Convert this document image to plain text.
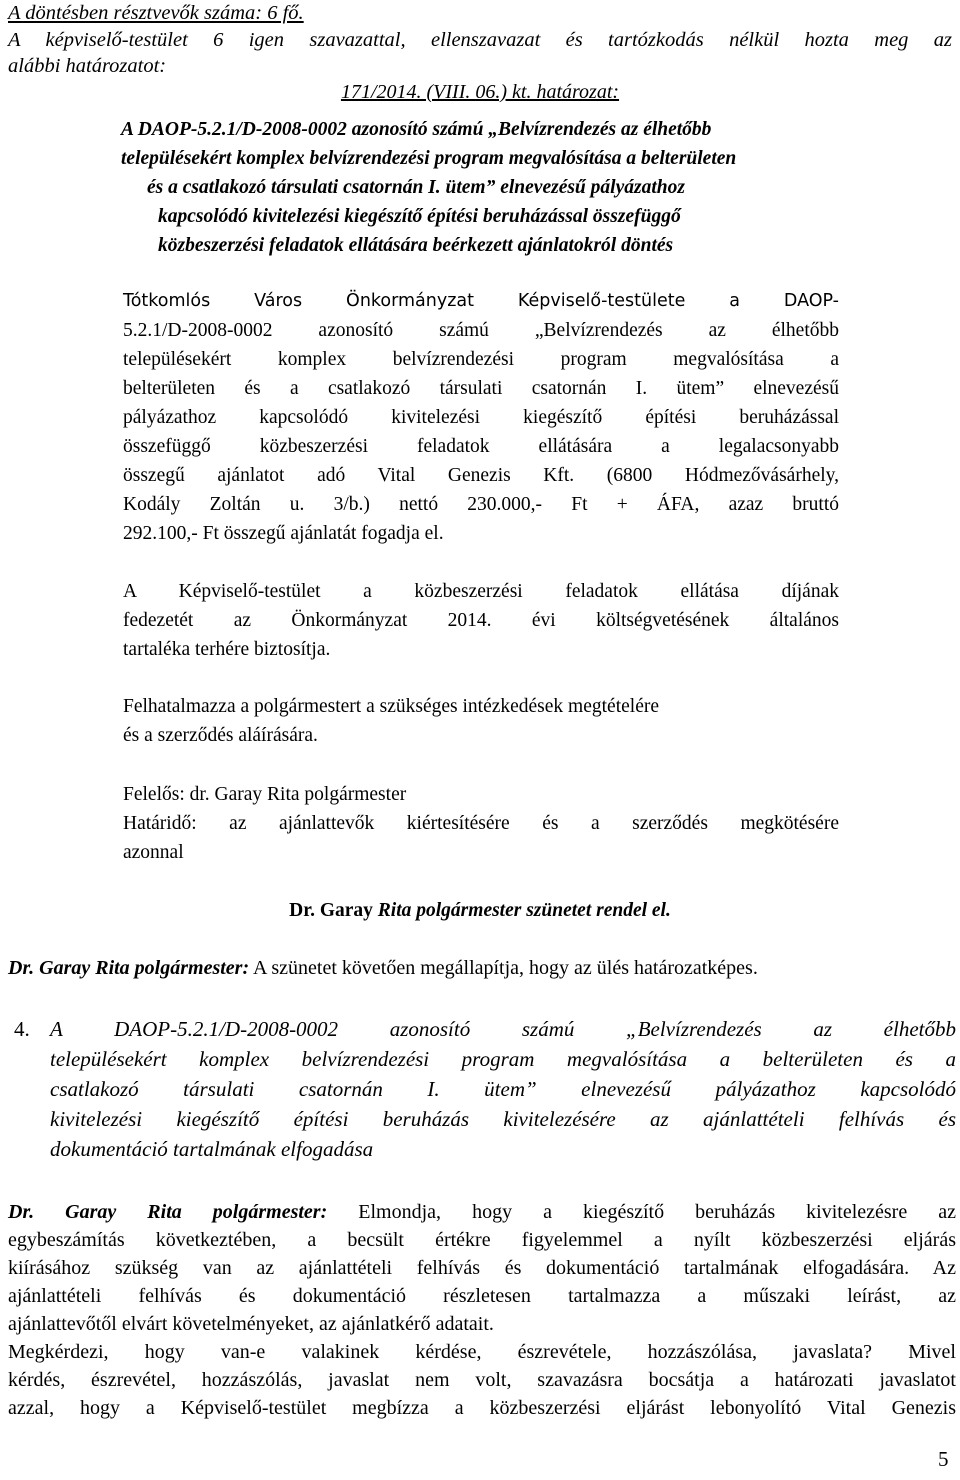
A döntésben résztvevők száma: 6 fő.
A képviselő-testület 6 igen szavazattal, ellenszavazat és tartózkodás nélkül hozta meg az
alábbi határozatot:
171/2014. (VIII. 06.) kt. határozat:
A DAOP-5.2.1/D-2008-0002 azonosító számú „Belvízrendezés az élhetőbb
településekért komplex belvízrendezési program megvalósítása a belterületen
és a csatlakozó társulati csatornán I. ütem” elnevezésű pályázathoz
kapcsolódó kivitelezési kiegészítő építési beruházással összefüggő
közbeszerzési feladatok ellátására beérkezett ajánlatokról döntés
Tótkomlós Város Önkormányzat Képviselő-testülete a DAOP-
5.2.1/D-2008-0002 azonosító számú „Belvízrendezés az élhetőbb
településekért komplex belvízrendezési program megvalósítása a
belterületen és a csatlakozó társulati csatornán I. ütem” elnevezésű
pályázathoz kapcsolódó kivitelezési kiegészítő építési beruházással
összefüggő közbeszerzési feladatok ellátására a legalacsonyabb
összegű ajánlatot adó Vital Genezis Kft. (6800 Hódmezővásárhely,
Kodály Zoltán u. 3/b.) nettó 230.000,- Ft + ÁFA, azaz bruttó
292.100,- Ft összegű ajánlatát fogadja el.
A Képviselő-testület a közbeszerzési feladatok ellátása díjának
fedezetét az Önkormányzat 2014. évi költségvetésének általános
tartaléka terhére biztosítja.
Felhatalmazza a polgármestert a szükséges intézkedések megtételére
és a szerződés aláírására.
Felelős: dr. Garay Rita polgármester
Határidő: az ajánlattevők kiértesítésére és a szerződés megkötésére
azonnal
Dr. Garay Rita polgármester szünetet rendel el.
Dr. Garay Rita polgármester: A szünetet követően megállapítja, hogy az ülés határozatképes.
4. A DAOP-5.2.1/D-2008-0002 azonosító számú „Belvízrendezés az élhetőbb
településekért komplex belvízrendezési program megvalósítása a belterületen és a
csatlakozó társulati csatornán I. ütem” elnevezésű pályázathoz kapcsolódó
kivitelezési kiegészítő építési beruházás kivitelezésére az ajánlattételi felhívás és
dokumentáció tartalmának elfogadása
Dr. Garay Rita polgármester: Elmondja, hogy a kiegészítő beruházás kivitelezésre az
egybeszámítás következtében, a becsült értékre figyelemmel a nyílt közbeszerzési eljárás
kiírásához szükség van az ajánlattételi felhívás és dokumentáció tartalmának elfogadására. Az
ajánlattételi felhívás és dokumentáció részletesen tartalmazza a műszaki leírást, az
ajánlattevőtől elvárt követelményeket, az ajánlatkérő adatait.
Megkérdezi, hogy van-e valakinek kérdése, észrevétele, hozzászólása, javaslata? Mivel
kérdés, észrevétel, hozzászólás, javaslat nem volt, szavazásra bocsátja a határozati javaslatot
azzal, hogy a Képviselő-testület megbízza a közbeszerzési eljárást lebonyolító Vital Genezis
5
